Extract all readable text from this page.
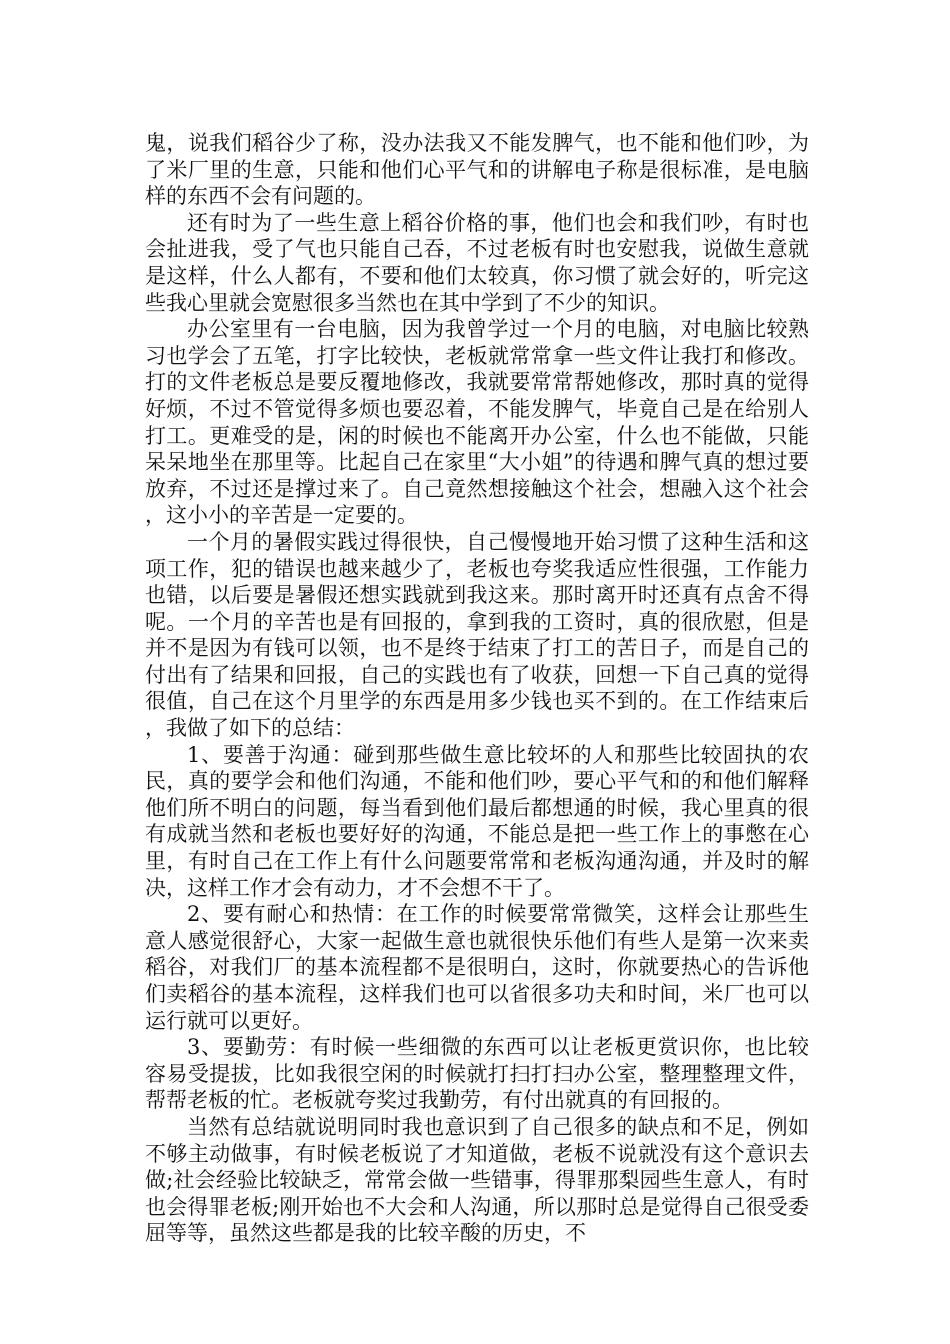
鬼，说我们稻谷少了称，没办法我又不能发脾气，也不能和他们吵，为了米厂里的生意，只能和他们心平气和的讲解电子称是很标准，是电脑样的东西不会有问题的。

还有时为了一些生意上稻谷价格的事，他们也会和我们吵，有时也会扯进我，受了气也只能自己吞，不过老板有时也安慰我，说做生意就是这样，什么人都有，不要和他们太较真，你习惯了就会好的，听完这些我心里就会宽慰很多当然也在其中学到了不少的知识。

办公室里有一台电脑，因为我曾学过一个月的电脑，对电脑比较熟习也学会了五笔，打字比较快，老板就常常拿一些文件让我打和修改。打的文件老板总是要反覆地修改，我就要常常帮她修改，那时真的觉得好烦，不过不管觉得多烦也要忍着，不能发脾气，毕竟自己是在给别人打工。更难受的是，闲的时候也不能离开办公室，什么也不能做，只能呆呆地坐在那里等。比起自己在家里“大小姐”的待遇和脾气真的想过要放弃，不过还是撑过来了。自己竟然想接触这个社会，想融入这个社会，这小小的辛苦是一定要的。

一个月的暑假实践过得很快，自己慢慢地开始习惯了这种生活和这项工作，犯的错误也越来越少了，老板也夸奖我适应性很强，工作能力也错，以后要是暑假还想实践就到我这来。那时离开时还真有点舍不得呢。一个月的辛苦也是有回报的，拿到我的工资时，真的很欣慰，但是并不是因为有钱可以领，也不是终于结束了打工的苦日子，而是自己的付出有了结果和回报，自己的实践也有了收获，回想一下自己真的觉得很值，自己在这个月里学的东西是用多少钱也买不到的。在工作结束后，我做了如下的总结：

1、要善于沟通：碰到那些做生意比较坏的人和那些比较固执的农民，真的要学会和他们沟通，不能和他们吵，要心平气和的和他们解释他们所不明白的问题，每当看到他们最后都想通的时候，我心里真的很有成就当然和老板也要好好的沟通，不能总是把一些工作上的事憋在心里，有时自己在工作上有什么问题要常常和老板沟通沟通，并及时的解决，这样工作才会有动力，才不会想不干了。

2、要有耐心和热情：在工作的时候要常常微笑，这样会让那些生意人感觉很舒心，大家一起做生意也就很快乐他们有些人是第一次来卖稻谷，对我们厂的基本流程都不是很明白，这时，你就要热心的告诉他们卖稻谷的基本流程，这样我们也可以省很多功夫和时间，米厂也可以运行就可以更好。

3、要勤劳：有时候一些细微的东西可以让老板更赏识你，也比较容易受提拔，比如我很空闲的时候就打扫打扫办公室，整理整理文件，帮帮老板的忙。老板就夸奖过我勤劳，有付出就真的有回报的。

当然有总结就说明同时我也意识到了自己很多的缺点和不足，例如不够主动做事，有时候老板说了才知道做，老板不说就没有这个意识去做;社会经验比较缺乏，常常会做一些错事，得罪那梨园些生意人，有时也会得罪老板;刚开始也不大会和人沟通，所以那时总是觉得自己很受委屈等等，虽然这些都是我的比较辛酸的历史，不
